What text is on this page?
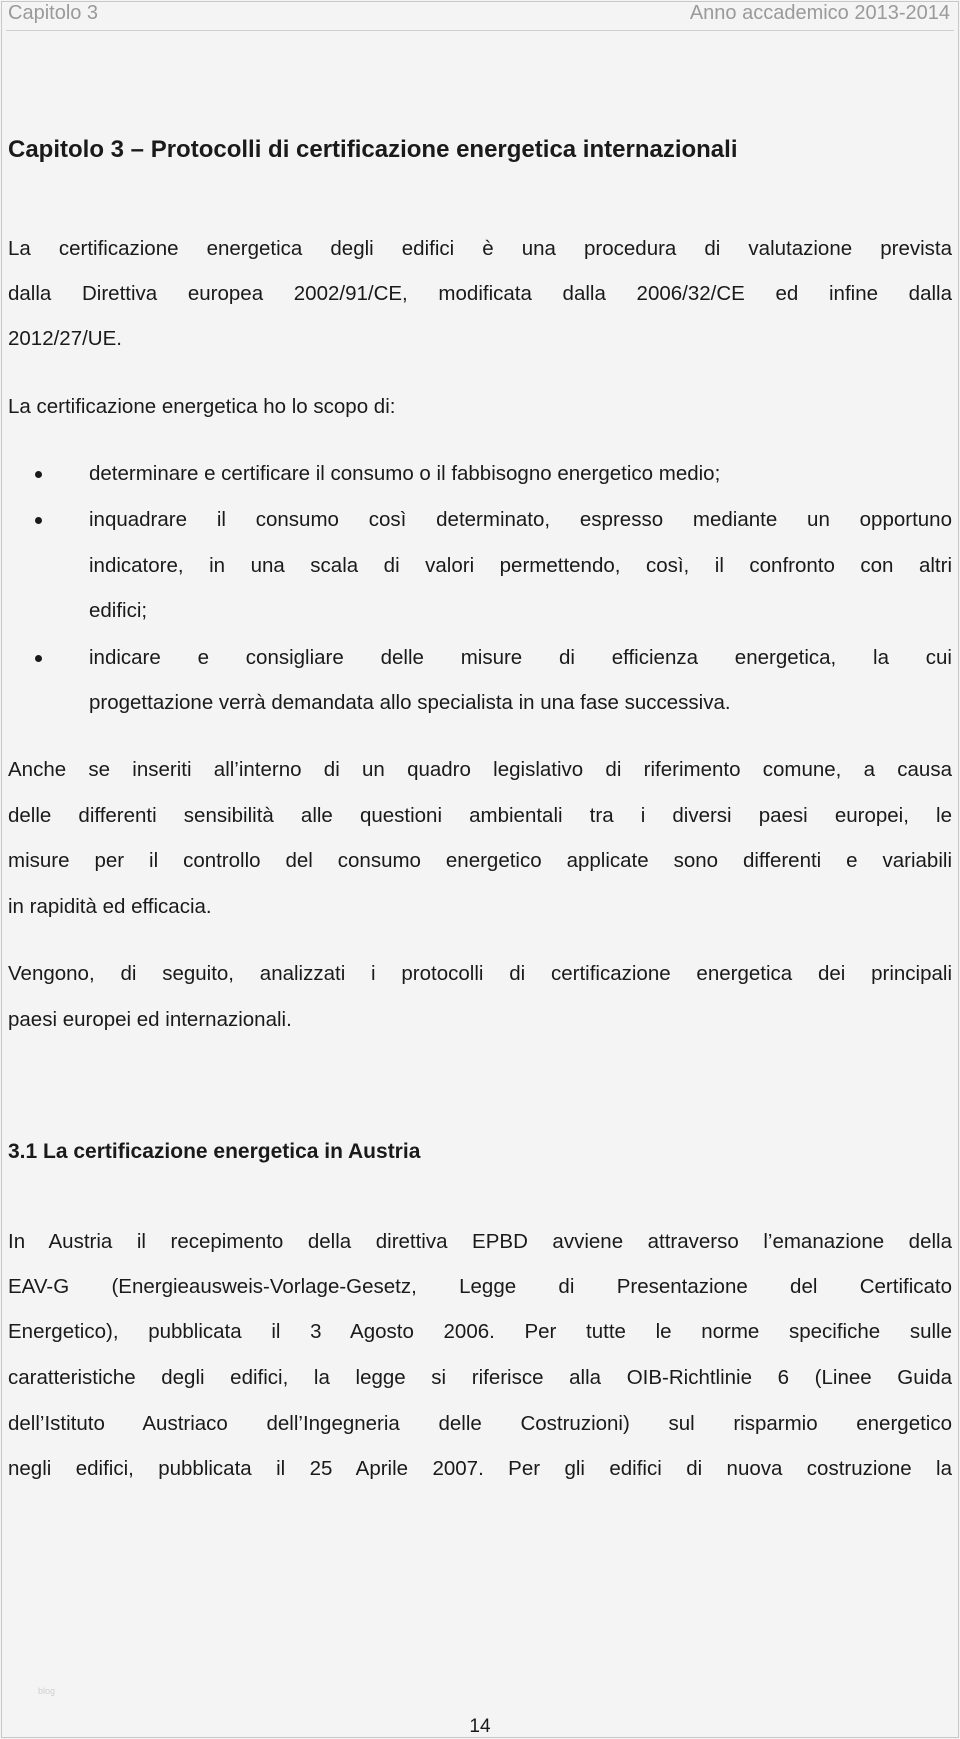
Capitolo 3	Anno accademico 2013-2014
Capitolo 3 – Protocolli di certificazione energetica internazionali
La certificazione energetica degli edifici è una procedura di valutazione prevista
dalla Direttiva europea 2002/91/CE, modificata dalla 2006/32/CE ed infine dalla
2012/27/UE.
La certificazione energetica ho lo scopo di:
determinare e certificare il consumo o il fabbisogno energetico medio;
inquadrare il consumo così determinato, espresso mediante un opportuno
indicatore, in una scala di valori permettendo, così, il confronto con altri
edifici;
indicare e consigliare delle misure di efficienza energetica, la cui
progettazione verrà demandata allo specialista in una fase successiva.
Anche se inseriti all’interno di un quadro legislativo di riferimento comune, a causa
delle differenti sensibilità alle questioni ambientali tra i diversi paesi europei, le
misure per il controllo del consumo energetico applicate sono differenti e variabili
in rapidità ed efficacia.
Vengono, di seguito, analizzati i protocolli di certificazione energetica dei principali
paesi europei ed internazionali.
In Austria il recepimento della direttiva EPBD avviene attraverso l’emanazione della
EAV-G (Energieausweis-Vorlage-Gesetz, Legge di Presentazione del Certificato
Energetico), pubblicata il 3 Agosto 2006. Per tutte le norme specifiche sulle
caratteristiche degli edifici, la legge si riferisce alla OIB-Richtlinie 6 (Linee Guida
dell’Istituto Austriaco dell’Ingegneria delle Costruzioni) sul risparmio energetico
negli edifici, pubblicata il 25 Aprile 2007. Per gli edifici di nuova costruzione la
3.1 La certificazione energetica in Austria
blog
14
